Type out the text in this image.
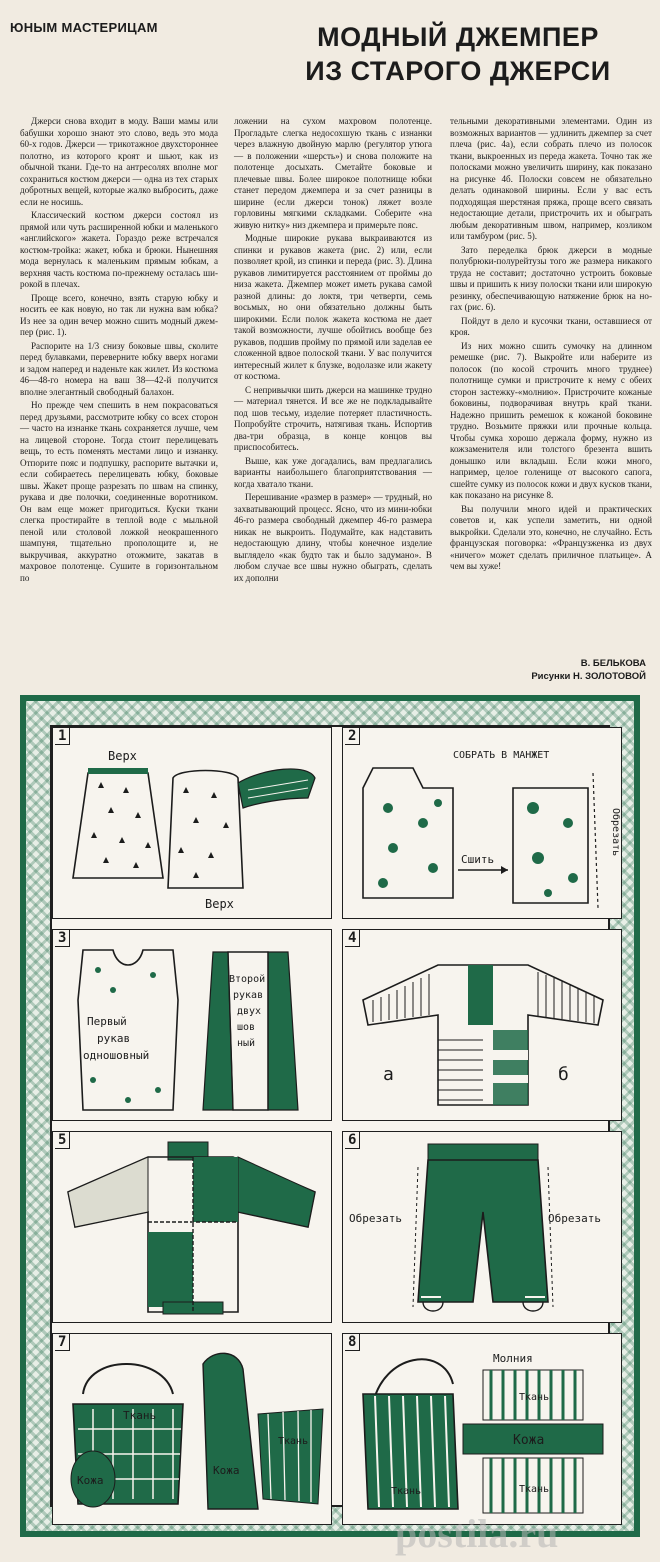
ЮНЫМ МАСТЕРИЦАМ	МОДНЫЙ ДЖЕМПЕР
ИЗ СТАРОГО ДЖЕРСИ

Джерси снова входит в моду. Ваши мамы или бабушки хорошо знают это слово, ведь это мода 60-х годов. Джерси — трикотажное двухстороннее полотно, из которого кроят и шьют, как из обычной ткани. Где-то на антресолях вполне мог сохраниться костюм джерси — одна из тех старых добротных вещей, которые жалко выбросить, даже если не носишь.

Классический костюм джерси состоял из прямой или чуть расширенной юбки и маленького «английского» жакета. Гораздо реже встречался костюм-тройка: жакет, юбка и брюки. Нынешняя мода вернулась к маленьким прямым юбкам, а верхняя часть костюма по-прежнему осталась широкой в плечах.

Проще всего, конечно, взять старую юбку и носить ее как новую, но так ли нужна вам юбка? Из нее за один вечер можно сшить модный джемпер (рис. 1).

Распорите на 1/3 снизу боковые швы, сколите перед булавками, переверните юбку вверх ногами и задом наперед и наденьте как жилет. Из костюма 46—48-го номера на ваш 38—42-й получится вполне элегантный свободный балахон.

Но прежде чем спешить в нем покрасоваться перед друзьями, рассмотрите юбку со всех сторон — часто на изнанке ткань сохраняется лучше, чем на лицевой стороне. Тогда стоит перелицевать вещь, то есть поменять местами лицо и изнанку. Отпорите пояс и подпушку, распорите вытачки и, если собираетесь перелицевать юбку, боковые швы. Жакет проще разрезать по швам на спинку, рукава и две полочки, соединенные воротником. Он вам еще может пригодиться. Куски ткани слегка простирайте в теплой воде с мыльной пеной или столовой ложкой неокрашенного шампуня, тщательно прополощите и, не выкручивая, аккуратно отожмите, закатав в махровое полотенце. Сушите в горизонтальном по

ложении на сухом махровом полотенце. Прогладьте слегка недосохшую ткань с изнанки через влажную двойную марлю (регулятор утюга — в положении «шерсть») и снова положите на полотенце досыхать. Сметайте боковые и плечевые швы. Более широкое полотнище юбки станет передом джемпера и за счет разницы в ширине (если джерси тонок) ляжет возле горловины мягкими складками. Соберите «на живую нитку» низ джемпера и примерьте пояс.

Модные широкие рукава выкраиваются из спинки и рукавов жакета (рис. 2) или, если позволяет крой, из спинки и переда (рис. 3). Длина рукавов лимитируется расстоянием от проймы до низа жакета. Джемпер может иметь рукава самой разной длины: до локтя, три четверти, семь восьмых, но они обязательно должны быть широкими. Если полок жакета костюма не дает такой возможности, лучше обойтись вообще без рукавов, подшив пройму по прямой или заделав ее сложенной вдвое полоской ткани. У вас получится интересный жилет к блузке, водолазке или жакету от костюма.

С непривычки шить джерси на машинке трудно — материал тянется. И все же не подкладывайте под шов тесьму, изделие потеряет пластичность. Попробуйте строчить, натягивая ткань. Испортив два-три образца, в конце концов вы приспособитесь.

Выше, как уже догадались, вам предлагались варианты наибольшего благоприятствования — когда хватало ткани.

Перешивание «размер в размер» — трудный, но захватывающий процесс. Ясно, что из мини-юбки 46-го размера свободный джемпер 46-го размера никак не выкроить. Подумайте, как надставить недостающую длину, чтобы конечное изделие выглядело «как будто так и было задумано». В любом случае все швы нужно обыграть, сделать их дополни

тельными декоративными элементами. Один из возможных вариантов — удлинить джемпер за счет плеча (рис. 4а), если собрать плечо из полосок ткани, выкроенных из переда жакета. Точно так же полосками можно увеличить ширину, как показано на рисунке 4б. Полоски совсем не обязательно делать одинаковой ширины. Если у вас есть подходящая шерстяная пряжа, проще всего связать недостающие детали, пристрочить их и обыграть любым декоративным швом, например, козликом или тамбуром (рис. 5).

Зато переделка брюк джерси в модные полубрюки-полурейтузы того же размера никакого труда не составит; достаточно устроить боковые швы и пришить к низу полоски ткани или широкую резинку, обеспечивающую натяжение брюк на ногах (рис. 6).

Пойдут в дело и кусочки ткани, оставшиеся от кроя.

Из них можно сшить сумочку на длинном ремешке (рис. 7). Выкройте или наберите из полосок (по косой строчить много труднее) полотнище сумки и пристрочите к нему с обеих сторон застежку-«молнию». Пристрочите кожаные боковины, подворачивая внутрь край ткани. Надежно пришить ремешок к кожаной боковине трудно. Возьмите пряжки или прочные кольца. Чтобы сумка хорошо держала форму, нужно из кожзаменителя или толстого брезента вшить донышко или вкладыш. Если кожи много, например, целое голенище от высокого сапога, сшейте сумку из полосок кожи и двух кусков ткани, как показано на рисунке 8.

Вы получили много идей и практических советов и, как успели заметить, ни одной выкройки. Сделали это, конечно, не случайно. Есть французская поговорка: «Французженка из двух «ничего» может сделать приличное платьице». А чем вы хуже!

В. БЕЛЬКОВА
Рисунки Н. ЗОЛОТОВОЙ
1
Верх
Верх
2
СОБРАТЬ В МАНЖЕТ
Сшить
Обрезать
3
Первый
рукав
одношовный
Второй
рукав
двух
шов
ный
4
а	б
5	6
Обрезать	Обрезать
7
Ткань
Кожа
Кожа
Ткань
8
Ткань
Молния
Ткань
Кожа
Ткань
postila.ru
